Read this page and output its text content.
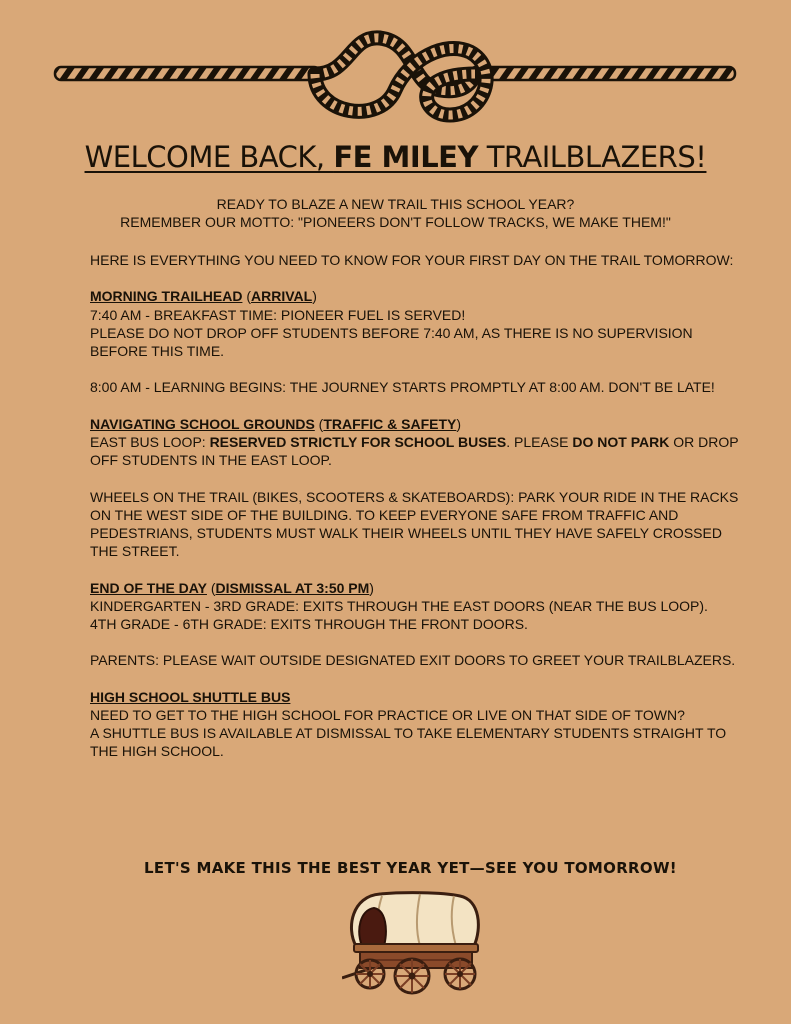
WELCOME BACK, FE MILEY TRAILBLAZERS!
READY TO BLAZE A NEW TRAIL THIS SCHOOL YEAR?
REMEMBER OUR MOTTO: "PIONEERS DON'T FOLLOW TRACKS, WE MAKE THEM!"

HERE IS EVERYTHING YOU NEED TO KNOW FOR YOUR FIRST DAY ON THE TRAIL TOMORROW:

MORNING TRAILHEAD (ARRIVAL)
7:40 AM - BREAKFAST TIME: PIONEER FUEL IS SERVED!

PLEASE DO NOT DROP OFF STUDENTS BEFORE 7:40 AM, AS THERE IS NO SUPERVISION BEFORE THIS TIME.

8:00 AM - LEARNING BEGINS: THE JOURNEY STARTS PROMPTLY AT 8:00 AM. DON'T BE LATE!

NAVIGATING SCHOOL GROUNDS (TRAFFIC & SAFETY)

EAST BUS LOOP: RESERVED STRICTLY FOR SCHOOL BUSES. PLEASE DO NOT PARK OR DROP OFF STUDENTS IN THE EAST LOOP.

WHEELS ON THE TRAIL (BIKES, SCOOTERS & SKATEBOARDS): PARK YOUR RIDE IN THE RACKS ON THE WEST SIDE OF THE BUILDING. TO KEEP EVERYONE SAFE FROM TRAFFIC AND PEDESTRIANS, STUDENTS MUST WALK THEIR WHEELS UNTIL THEY HAVE SAFELY CROSSED THE STREET.

END OF THE DAY (DISMISSAL AT 3:50 PM)
KINDERGARTEN - 3RD GRADE: EXITS THROUGH THE EAST DOORS (NEAR THE BUS LOOP).

4TH GRADE - 6TH GRADE: EXITS THROUGH THE FRONT DOORS.

PARENTS: PLEASE WAIT OUTSIDE DESIGNATED EXIT DOORS TO GREET YOUR TRAILBLAZERS.

HIGH SCHOOL SHUTTLE BUS
NEED TO GET TO THE HIGH SCHOOL FOR PRACTICE OR LIVE ON THAT SIDE OF TOWN?
A SHUTTLE BUS IS AVAILABLE AT DISMISSAL TO TAKE ELEMENTARY STUDENTS STRAIGHT TO THE HIGH SCHOOL.
LET'S MAKE THIS THE BEST YEAR YET—SEE YOU TOMORROW!
